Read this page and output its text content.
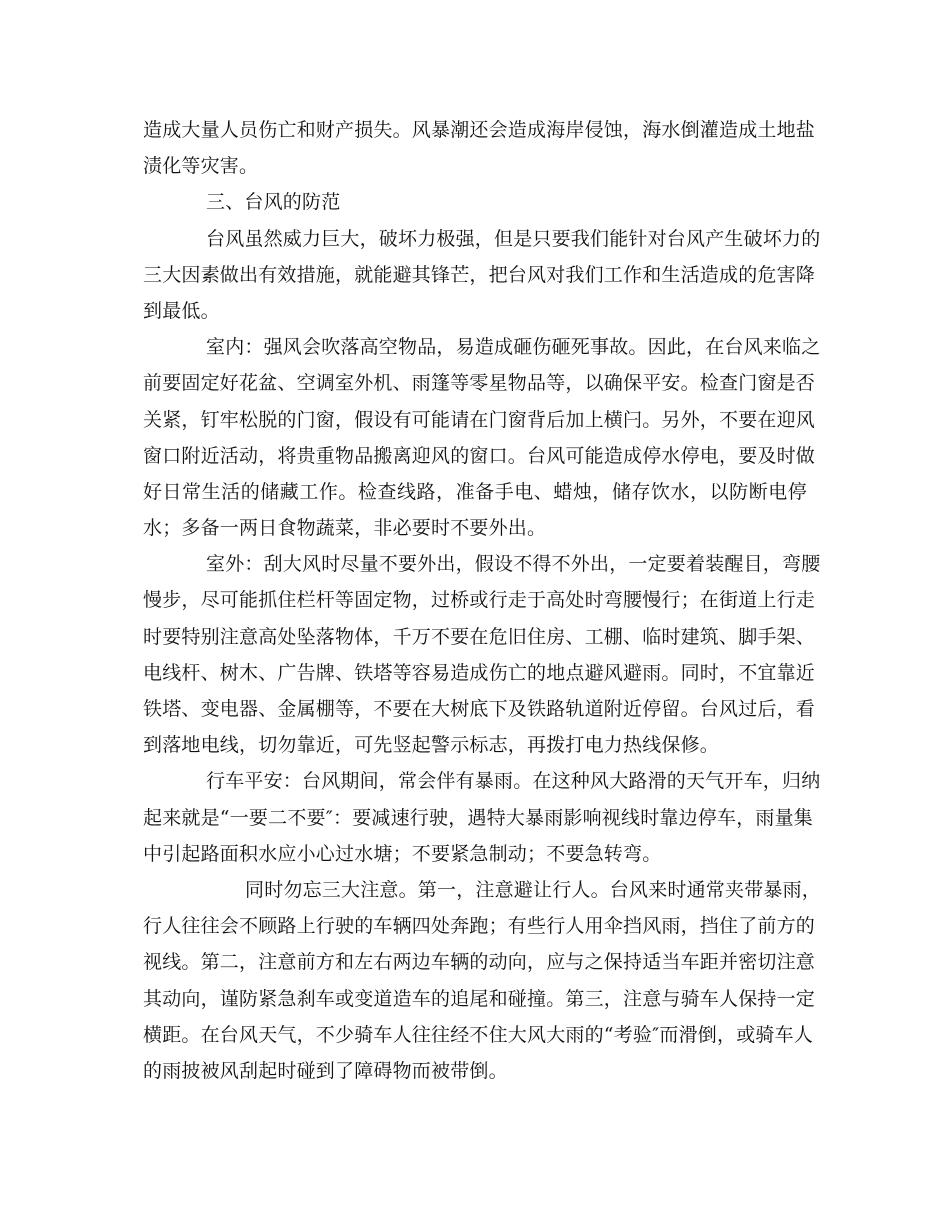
造成大量人员伤亡和财产损失。风暴潮还会造成海岸侵蚀，海水倒灌造成土地盐
渍化等灾害。
三、台风的防范
台风虽然威力巨大，破坏力极强，但是只要我们能针对台风产生破坏力的
三大因素做出有效措施，就能避其锋芒，把台风对我们工作和生活造成的危害降
到最低。
室内：强风会吹落高空物品，易造成砸伤砸死事故。因此，在台风来临之
前要固定好花盆、空调室外机、雨篷等零星物品等，以确保平安。检查门窗是否
关紧，钉牢松脱的门窗，假设有可能请在门窗背后加上横闩。另外，不要在迎风
窗口附近活动，将贵重物品搬离迎风的窗口。台风可能造成停水停电，要及时做
好日常生活的储藏工作。检查线路，准备手电、蜡烛，储存饮水，以防断电停
水；多备一两日食物蔬菜，非必要时不要外出。
室外：刮大风时尽量不要外出，假设不得不外出，一定要着装醒目，弯腰
慢步，尽可能抓住栏杆等固定物，过桥或行走于高处时弯腰慢行；在街道上行走
时要特别注意高处坠落物体，千万不要在危旧住房、工棚、临时建筑、脚手架、
电线杆、树木、广告牌、铁塔等容易造成伤亡的地点避风避雨。同时，不宜靠近
铁塔、变电器、金属棚等，不要在大树底下及铁路轨道附近停留。台风过后，看
到落地电线，切勿靠近，可先竖起警示标志，再拨打电力热线保修。
行车平安：台风期间，常会伴有暴雨。在这种风大路滑的天气开车，归纳
起来就是“一要二不要″：要减速行驶，遇特大暴雨影响视线时靠边停车，雨量集
中引起路面积水应小心过水塘；不要紧急制动；不要急转弯。
同时勿忘三大注意。第一，注意避让行人。台风来时通常夹带暴雨，
行人往往会不顾路上行驶的车辆四处奔跑；有些行人用伞挡风雨，挡住了前方的
视线。第二，注意前方和左右两边车辆的动向，应与之保持适当车距并密切注意
其动向，谨防紧急刹车或变道造车的追尾和碰撞。第三，注意与骑车人保持一定
横距。在台风天气，不少骑车人往往经不住大风大雨的“考验″而滑倒，或骑车人
的雨披被风刮起时碰到了障碍物而被带倒。
